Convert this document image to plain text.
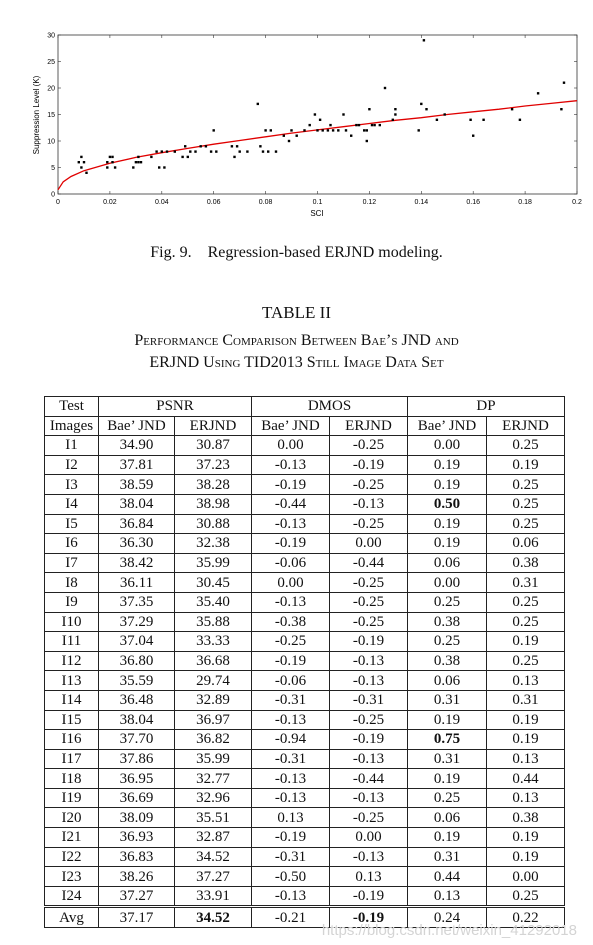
0	0.02	0.04	0.06	0.08	0.1	0.12	0.14	0.16	0.18	0.2
0
5
10
15
20
25
30
SCI
Suppression Level (K)
Fig. 9.    Regression-based ERJND modeling.
TABLE II
Performance Comparison Between Bae’s JND and
ERJND Using TID2013 Still Image Data Set
Test	PSNR		DMOS		DP	
Images	Bae’ JND	ERJND	Bae’ JND	ERJND	Bae’ JND	ERJND
I1	34.90	30.87	0.00	-0.25	0.00	0.25
I2	37.81	37.23	-0.13	-0.19	0.19	0.19
I3	38.59	38.28	-0.19	-0.25	0.19	0.25
I4	38.04	38.98	-0.44	-0.13	0.50	0.25
I5	36.84	30.88	-0.13	-0.25	0.19	0.25
I6	36.30	32.38	-0.19	0.00	0.19	0.06
I7	38.42	35.99	-0.06	-0.44	0.06	0.38
I8	36.11	30.45	0.00	-0.25	0.00	0.31
I9	37.35	35.40	-0.13	-0.25	0.25	0.25
I10	37.29	35.88	-0.38	-0.25	0.38	0.25
I11	37.04	33.33	-0.25	-0.19	0.25	0.19
I12	36.80	36.68	-0.19	-0.13	0.38	0.25
I13	35.59	29.74	-0.06	-0.13	0.06	0.13
I14	36.48	32.89	-0.31	-0.31	0.31	0.31
I15	38.04	36.97	-0.13	-0.25	0.19	0.19
I16	37.70	36.82	-0.94	-0.19	0.75	0.19
I17	37.86	35.99	-0.31	-0.13	0.31	0.13
I18	36.95	32.77	-0.13	-0.44	0.19	0.44
I19	36.69	32.96	-0.13	-0.13	0.25	0.13
I20	38.09	35.51	0.13	-0.25	0.06	0.38
I21	36.93	32.87	-0.19	0.00	0.19	0.19
I22	36.83	34.52	-0.31	-0.13	0.31	0.19
I23	38.26	37.27	-0.50	0.13	0.44	0.00
I24	37.27	33.91	-0.13	-0.19	0.13	0.25
Avg	37.17	34.52	-0.21	-0.19	0.24	0.22
https://blog.csdn.net/weixin_41292018
